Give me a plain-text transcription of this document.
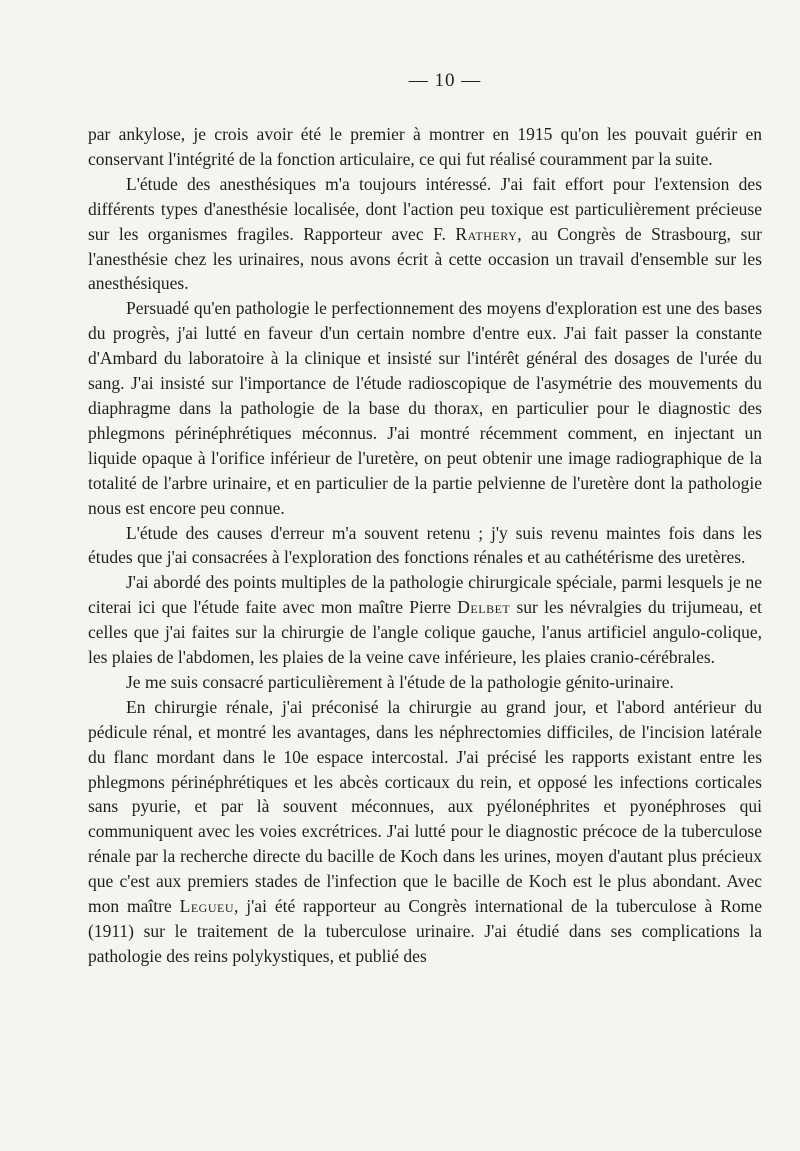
— 10 —

par ankylose, je crois avoir été le premier à montrer en 1915 qu'on les pouvait guérir en conservant l'intégrité de la fonction articulaire, ce qui fut réalisé couramment par la suite.

L'étude des anesthésiques m'a toujours intéressé. J'ai fait effort pour l'extension des différents types d'anesthésie localisée, dont l'action peu toxique est particulièrement précieuse sur les organismes fragiles. Rapporteur avec F. Rathery, au Congrès de Strasbourg, sur l'anesthésie chez les urinaires, nous avons écrit à cette occasion un travail d'ensemble sur les anesthésiques.

Persuadé qu'en pathologie le perfectionnement des moyens d'exploration est une des bases du progrès, j'ai lutté en faveur d'un certain nombre d'entre eux. J'ai fait passer la constante d'Ambard du laboratoire à la clinique et insisté sur l'intérêt général des dosages de l'urée du sang. J'ai insisté sur l'importance de l'étude radioscopique de l'asymétrie des mouvements du diaphragme dans la pathologie de la base du thorax, en particulier pour le diagnostic des phlegmons périnéphrétiques méconnus. J'ai montré récemment comment, en injectant un liquide opaque à l'orifice inférieur de l'uretère, on peut obtenir une image radiographique de la totalité de l'arbre urinaire, et en particulier de la partie pelvienne de l'uretère dont la pathologie nous est encore peu connue.

L'étude des causes d'erreur m'a souvent retenu ; j'y suis revenu maintes fois dans les études que j'ai consacrées à l'exploration des fonctions rénales et au cathétérisme des uretères.

J'ai abordé des points multiples de la pathologie chirurgicale spéciale, parmi lesquels je ne citerai ici que l'étude faite avec mon maître Pierre Delbet sur les névralgies du trijumeau, et celles que j'ai faites sur la chirurgie de l'angle colique gauche, l'anus artificiel angulo-colique, les plaies de l'abdomen, les plaies de la veine cave inférieure, les plaies cranio-cérébrales.

Je me suis consacré particulièrement à l'étude de la pathologie génito-urinaire.

En chirurgie rénale, j'ai préconisé la chirurgie au grand jour, et l'abord antérieur du pédicule rénal, et montré les avantages, dans les néphrectomies difficiles, de l'incision latérale du flanc mordant dans le 10e espace intercostal. J'ai précisé les rapports existant entre les phlegmons périnéphrétiques et les abcès corticaux du rein, et opposé les infections corticales sans pyurie, et par là souvent méconnues, aux pyélonéphrites et pyonéphroses qui communiquent avec les voies excrétrices. J'ai lutté pour le diagnostic précoce de la tuberculose rénale par la recherche directe du bacille de Koch dans les urines, moyen d'autant plus précieux que c'est aux premiers stades de l'infection que le bacille de Koch est le plus abondant. Avec mon maître Legueu, j'ai été rapporteur au Congrès international de la tuberculose à Rome (1911) sur le traitement de la tuberculose urinaire. J'ai étudié dans ses complications la pathologie des reins polykystiques, et publié des
